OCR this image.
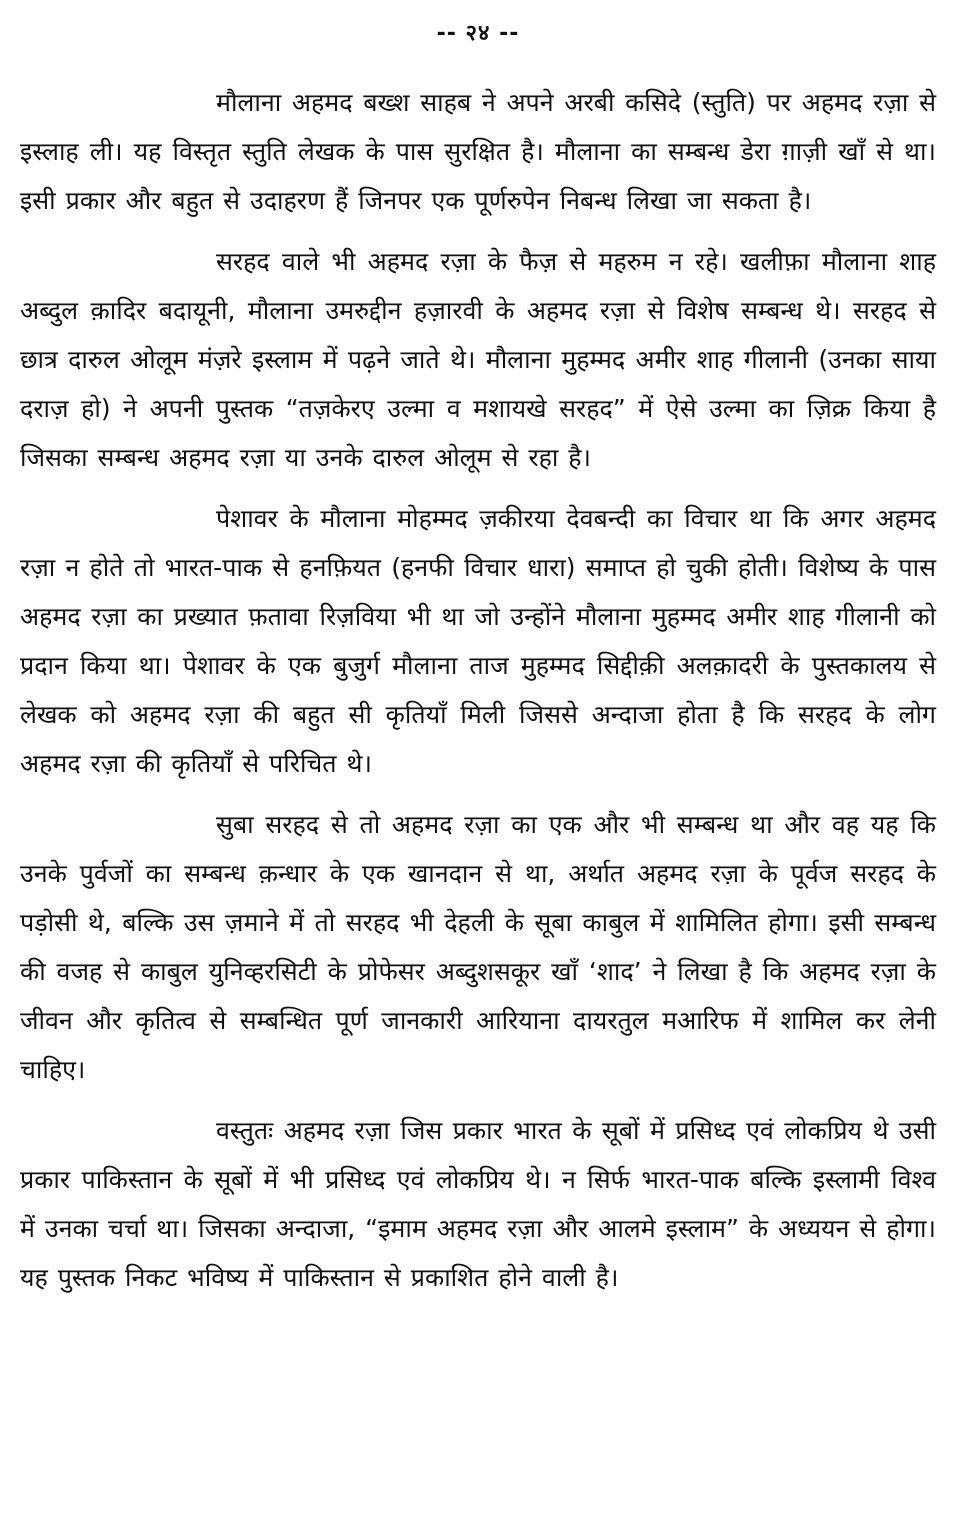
-- २४ --

मौलाना अहमद बख्श साहब ने अपने अरबी कसिदे (स्तुति) पर अहमद रज़ा से इस्लाह ली। यह विस्तृत स्तुति लेखक के पास सुरक्षित है। मौलाना का सम्बन्ध डेरा ग़ाज़ी खाँ से था। इसी प्रकार और बहुत से उदाहरण हैं जिनपर एक पूर्णरुपेन निबन्ध लिखा जा सकता है।

सरहद वाले भी अहमद रज़ा के फैज़ से महरुम न रहे। खलीफ़ा मौलाना शाह अब्दुल क़ादिर बदायूनी, मौलाना उमरुद्दीन हज़ारवी के अहमद रज़ा से विशेष सम्बन्ध थे। सरहद से छात्र दारुल ओलूम मंज़रे इस्लाम में पढ़ने जाते थे। मौलाना मुहम्मद अमीर शाह गीलानी (उनका साया दराज़ हो) ने अपनी पुस्तक “तज़केरए उल्मा व मशायखे सरहद” में ऐसे उल्मा का ज़िक्र किया है जिसका सम्बन्ध अहमद रज़ा या उनके दारुल ओलूम से रहा है।

पेशावर के मौलाना मोहम्मद ज़कीरया देवबन्दी का विचार था कि अगर अहमद रज़ा न होते तो भारत-पाक से हनफ़ियत (हनफी विचार धारा) समाप्त हो चुकी होती। विशेष्य के पास अहमद रज़ा का प्रख्यात फ़तावा रिज़विया भी था जो उन्होंने मौलाना मुहम्मद अमीर शाह गीलानी को प्रदान किया था। पेशावर के एक बुजुर्ग मौलाना ताज मुहम्मद सिद्दीक़ी अलक़ादरी के पुस्तकालय से लेखक को अहमद रज़ा की बहुत सी कृतियाँ मिली जिससे अन्दाजा होता है कि सरहद के लोग अहमद रज़ा की कृतियाँ से परिचित थे।

सुबा सरहद से तो अहमद रज़ा का एक और भी सम्बन्ध था और वह यह कि उनके पुर्वजों का सम्बन्ध क़न्धार के एक खानदान से था, अर्थात अहमद रज़ा के पूर्वज सरहद के पड़ोसी थे, बल्कि उस ज़माने में तो सरहद भी देहली के सूबा काबुल में शामिलित होगा। इसी सम्बन्ध की वजह से काबुल युनिव्हरसिटी के प्रोफेसर अब्दुशसकूर खाँ ‘शाद’ ने लिखा है कि अहमद रज़ा के जीवन और कृतित्व से सम्बन्धित पूर्ण जानकारी आरियाना दायरतुल मआरिफ में शामिल कर लेनी चाहिए।

वस्तुतः अहमद रज़ा जिस प्रकार भारत के सूबों में प्रसिध्द एवं लोकप्रिय थे उसी प्रकार पाकिस्तान के सूबों में भी प्रसिध्द एवं लोकप्रिय थे। न सिर्फ भारत-पाक बल्कि इस्लामी विश्व में उनका चर्चा था। जिसका अन्दाजा, “इमाम अहमद रज़ा और आलमे इस्लाम” के अध्ययन से होगा। यह पुस्तक निकट भविष्य में पाकिस्तान से प्रकाशित होने वाली है।
